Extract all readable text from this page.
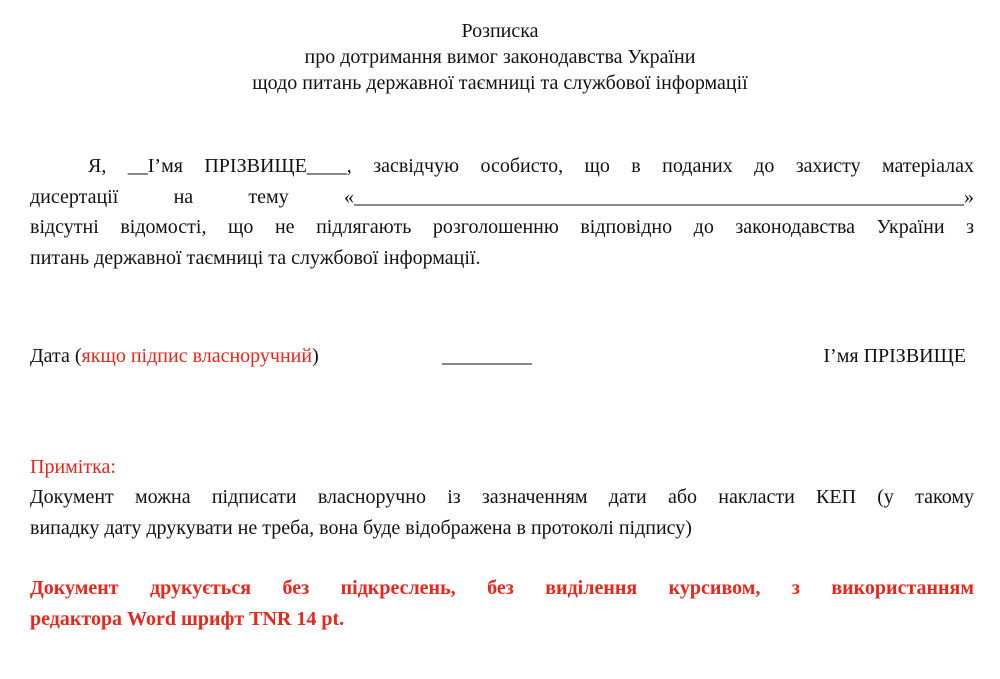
Розписка
про дотримання вимог законодавства України
щодо питань державної таємниці та службової інформації
Я, __І’мя ПРІЗВИЩЕ____, засвідчую особисто, що в поданих до захисту матеріалах
дисертації на тему «_____________________________________________________________»
відсутні відомості, що не підлягають розголошенню відповідно до законодавства України з
питань державної таємниці та службової інформації.
Дата (якщо підпис власноручний)	_________	І’мя ПРІЗВИЩЕ
Примітка:
Документ можна підписати власноручно із зазначенням дати або накласти КЕП (у такому
випадку дату друкувати не треба, вона буде відображена в протоколі підпису)
Документ друкується без підкреслень, без виділення курсивом, з використанням
редактора Word шрифт TNR 14 pt.
